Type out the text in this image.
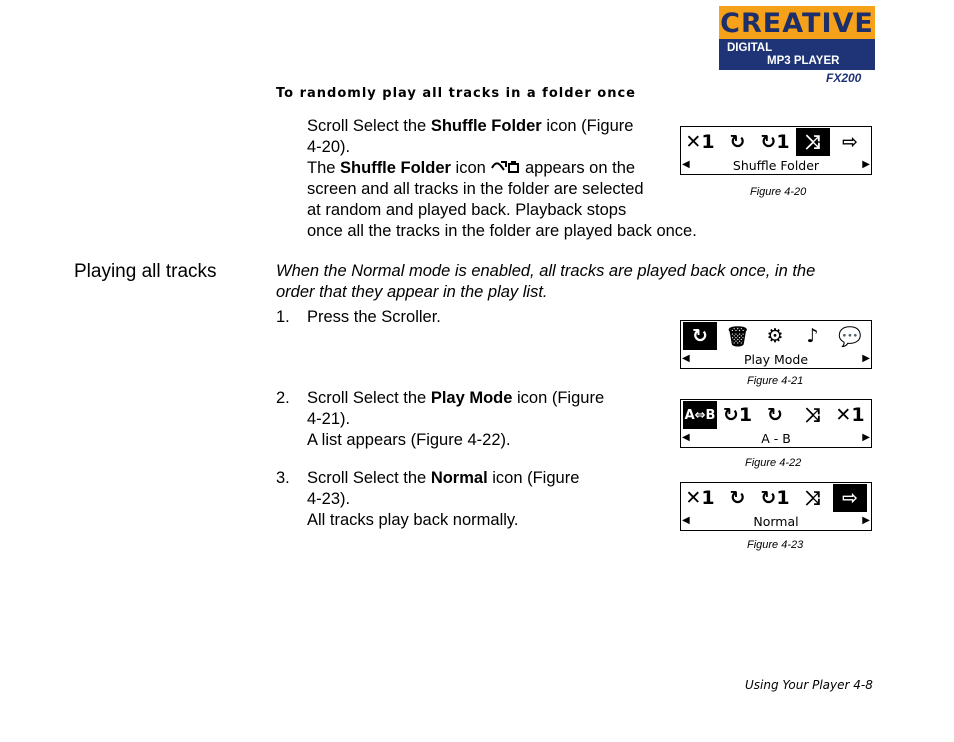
CREATIVE
DIGITAL
MP3 PLAYER
FX200
To randomly play all tracks in a folder once
Scroll Select the Shuffle Folder icon (Figure
4-20).
The Shuffle Folder icon  appears on the
screen and all tracks in the folder are selected
at random and played back. Playback stops
once all the tracks in the folder are played back once.
Playing all tracks	When the Normal mode is enabled, all tracks are played back once, in the
order that they appear in the play list.
1. Press the Scroller.
2. Scroll Select the Play Mode icon (Figure
4-21).
A list appears (Figure 4-22).
3. Scroll Select the Normal icon (Figure
4-23).
All tracks play back normally.
✕1 ↻ ↻1 ⤨	⇨
◀	Shuffle Folder	▶
Figure 4-20
↻ 🗑 ⚙	♪	💬
◀	Play Mode	▶
Figure 4-21
A⇔B ↻1 ↻	⤨ ✕1
◀	A - B	▶
Figure 4-22
✕1 ↻ ↻1 ⤨	⇨
◀	Normal	▶
Figure 4-23
Using Your Player 4-8
